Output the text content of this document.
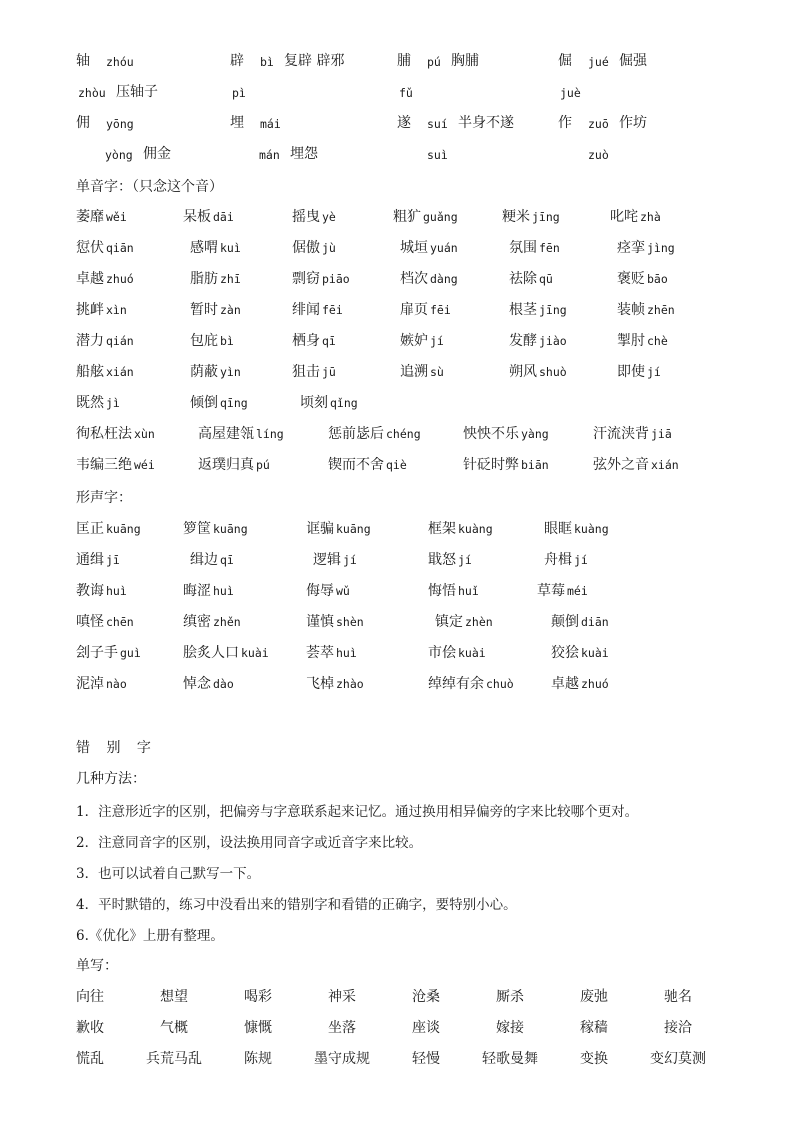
轴 zhóu	辟 bì 复辟 辟邪	脯 pú 胸脯	倔 jué 倔强
zhòu 压轴子	pì	fǔ	juè
佣 yōng	埋 mái	遂 suí 半身不遂	作 zuō 作坊
yòng 佣金	mán 埋怨	suì	zuò
单音字：（只念这个音）
萎靡 wěi	呆板 dāi	摇曳 yè	粗犷 guǎng	粳米 jīng	叱咤 zhà
愆伏 qiān	感喟 kuì	倨傲 jù	城垣 yuán	氛围 fēn	痉挛 jìng
卓越 zhuó	脂肪 zhī	剽窃 piāo	档次 dàng	祛除 qū	褒贬 bāo
挑衅 xìn	暂时 zàn	绯闻 fēi	扉页 fēi	根茎 jīng	装帧 zhēn
潜力 qián	包庇 bì	栖身 qī	嫉妒 jí	发酵 jiào	掣肘 chè
船舷 xián	荫蔽 yìn	狙击 jū	追溯 sù	朔风 shuò	即使 jí
既然 jì	倾倒 qīng	顷刻 qǐng
徇私枉法 xùn	高屋建瓴 líng	惩前毖后 chéng	怏怏不乐 yàng	汗流浃背 jiā
韦编三绝 wéi	返璞归真 pú	锲而不舍 qiè	针砭时弊 biān	弦外之音 xián
形声字：
匡正 kuāng	箩筐 kuāng	诓骗 kuāng	框架 kuàng	眼眶 kuàng
通缉 jī	缉边 qī	逻辑 jí	戢怒 jí	舟楫 jí
教诲 huì	晦涩 huì	侮辱 wǔ	悔悟 huǐ	草莓 méi
嗔怪 chēn	缜密 zhěn	谨慎 shèn	镇定 zhèn	颠倒 diān
刽子手 guì	脍炙人口 kuài	荟萃 huì	市侩 kuài	狡狯 kuài
泥淖 nào	悼念 dào	飞棹 zhào	绰绰有余 chuò	卓越 zhuó
错 别 字
几种方法：
1．注意形近字的区别，把偏旁与字意联系起来记忆。通过换用相异偏旁的字来比较哪个更对。
2．注意同音字的区别，设法换用同音字或近音字来比较。
3．也可以试着自己默写一下。
4．平时默错的，练习中没看出来的错别字和看错的正确字，要特别小心。
6.《优化》上册有整理。
单写：
向往	想望	喝彩	神采	沧桑	厮杀	废弛	驰名
歉收	气概	慷慨	坐落	座谈	嫁接	稼穑	接洽
慌乱	兵荒马乱	陈规	墨守成规	轻慢	轻歌曼舞	变换	变幻莫测
